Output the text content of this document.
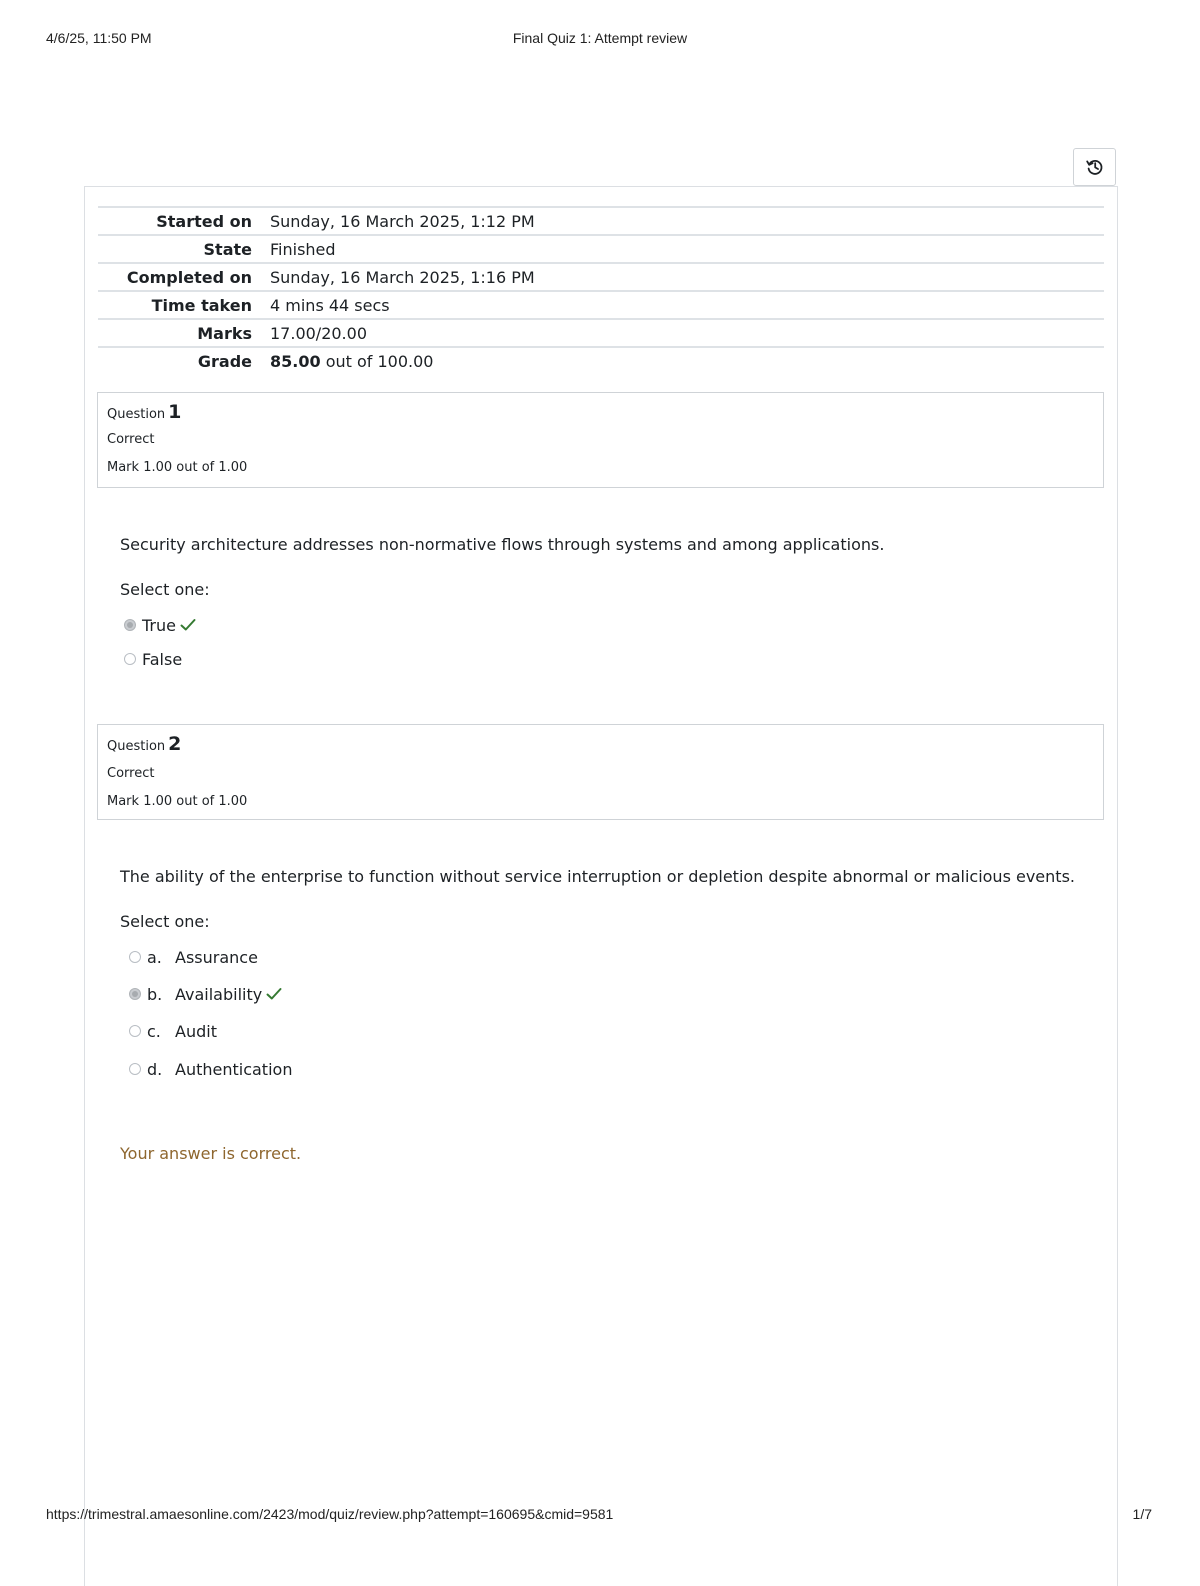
4/6/25, 11:50 PM	Final Quiz 1: Attempt review
Started on Sunday, 16 March 2025, 1:12 PM
State Finished
Completed on Sunday, 16 March 2025, 1:16 PM
Time taken 4 mins 44 secs
Marks 17.00/20.00
Grade 85.00 out of 100.00
Question 1
Correct
Mark 1.00 out of 1.00
Security architecture addresses non-normative flows through systems and among applications.
Select one:
True
False
Question 2
Correct
Mark 1.00 out of 1.00
The ability of the enterprise to function without service interruption or depletion despite abnormal or malicious events.
Select one:
a. Assurance
b. Availability
c. Audit
d. Authentication
Your answer is correct.
https://trimestral.amaesonline.com/2423/mod/quiz/review.php?attempt=160695&cmid=9581	1/7
